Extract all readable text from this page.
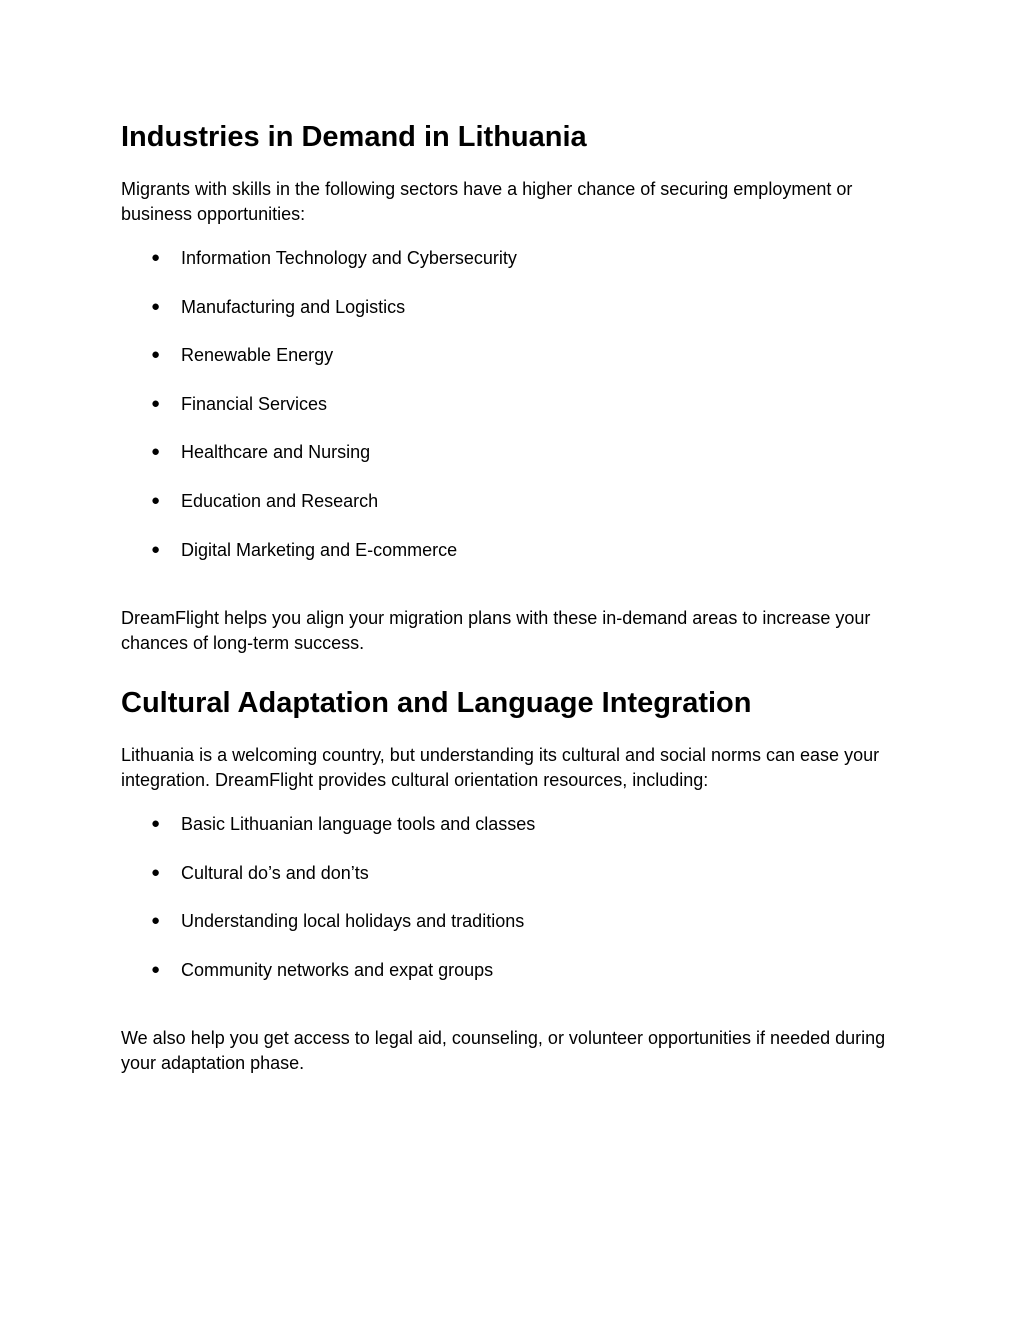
Industries in Demand in Lithuania

Migrants with skills in the following sectors have a higher chance of securing employment or business opportunities:

● Information Technology and Cybersecurity
● Manufacturing and Logistics
● Renewable Energy
● Financial Services
● Healthcare and Nursing
● Education and Research
● Digital Marketing and E-commerce

DreamFlight helps you align your migration plans with these in-demand areas to increase your chances of long-term success.

Cultural Adaptation and Language Integration

Lithuania is a welcoming country, but understanding its cultural and social norms can ease your integration. DreamFlight provides cultural orientation resources, including:

● Basic Lithuanian language tools and classes
● Cultural do’s and don’ts
● Understanding local holidays and traditions
● Community networks and expat groups

We also help you get access to legal aid, counseling, or volunteer opportunities if needed during your adaptation phase.
